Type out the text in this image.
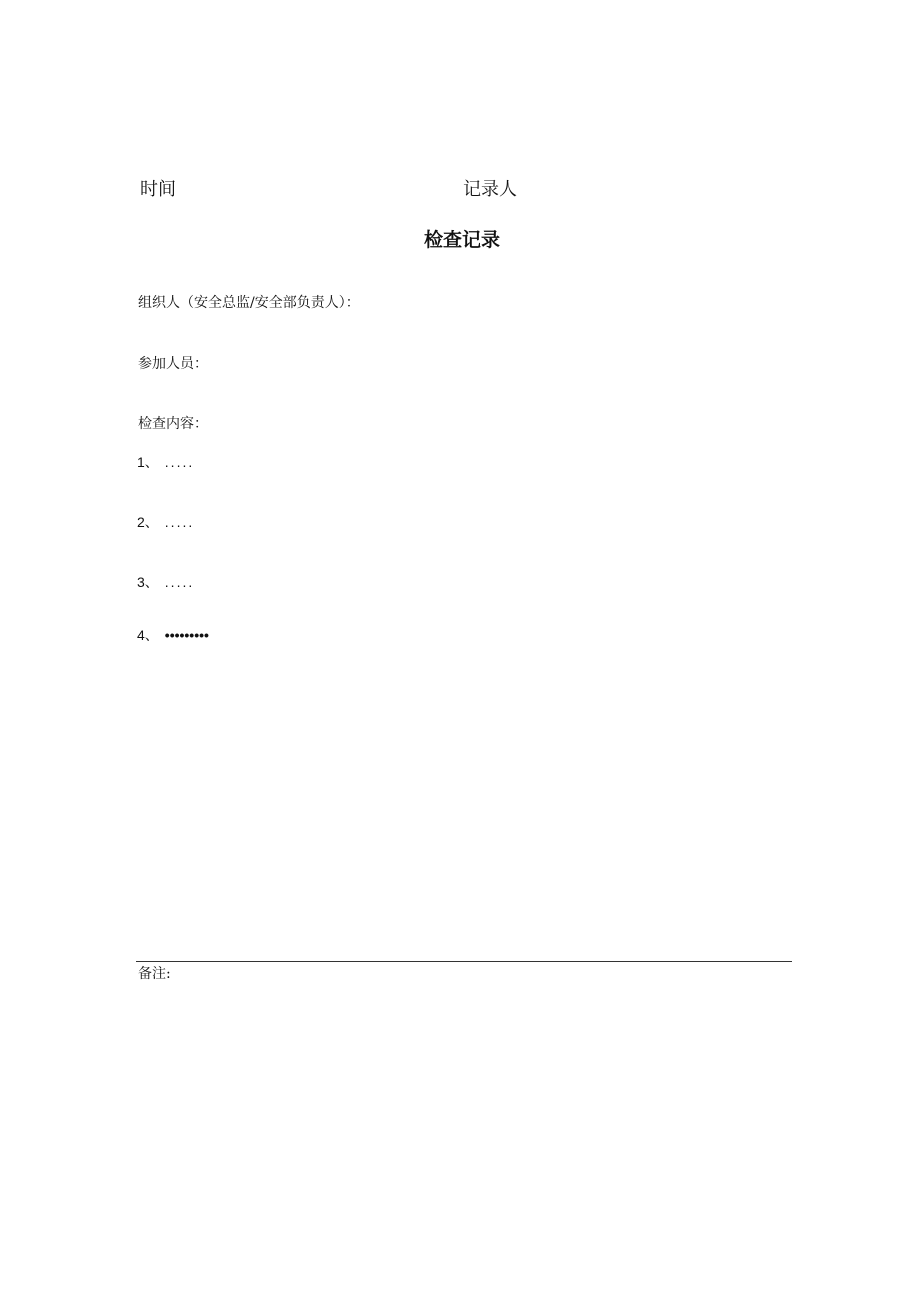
时间	记录人
检查记录
组织人（安全总监/安全部负责人）：
参加人员：
检查内容：
1、 .....
2、 .....
3、 .....
4、 •••••••••
备注:
